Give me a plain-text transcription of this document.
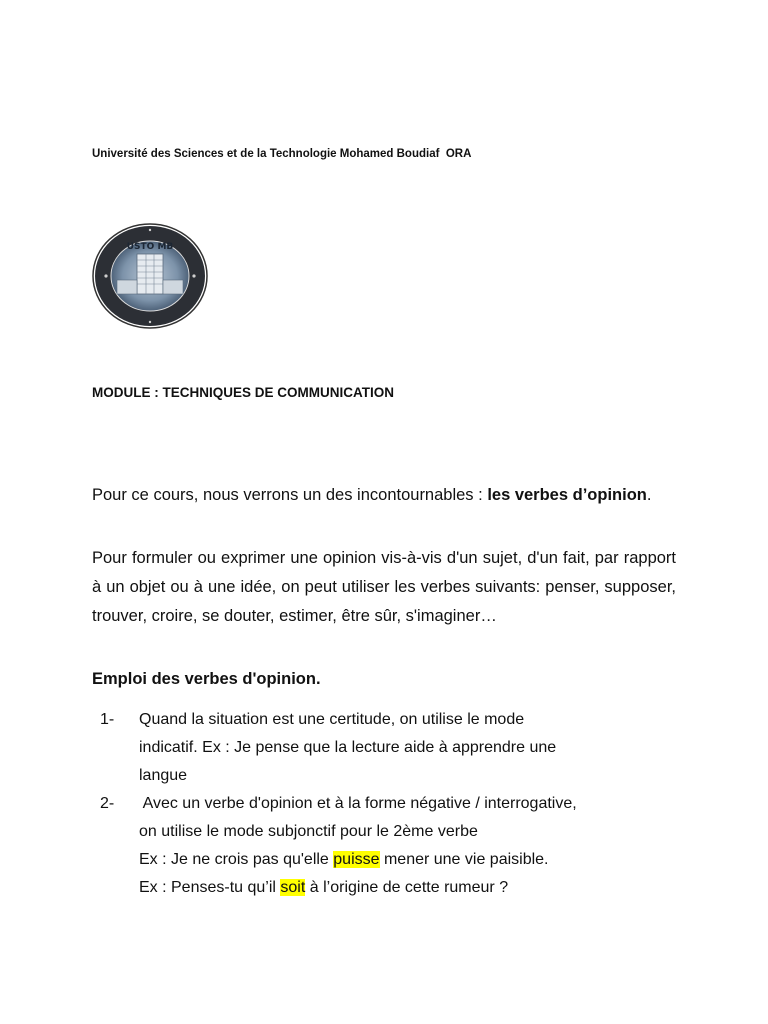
Université des Sciences et de la Technologie Mohamed Boudiaf  ORA
USTO MB
MODULE : TECHNIQUES DE COMMUNICATION
Pour ce cours, nous verrons un des incontournables : les verbes d’opinion.
Pour formuler ou exprimer une opinion vis-à-vis d'un sujet, d'un fait, par rapport à un objet ou à une idée, on peut utiliser les verbes suivants: penser, supposer, trouver, croire, se douter, estimer, être sûr, s'imaginer…
Emploi des verbes d'opinion.
1-	Quand la situation est une certitude, on utilise le mode
indicatif. Ex : Je pense que la lecture aide à apprendre une
langue
2-	Avec un verbe d'opinion et à la forme négative / interrogative,
on utilise le mode subjonctif pour le 2ème verbe
Ex : Je ne crois pas qu'elle puisse mener une vie paisible.
Ex : Penses-tu qu’il soit à l’origine de cette rumeur ?
